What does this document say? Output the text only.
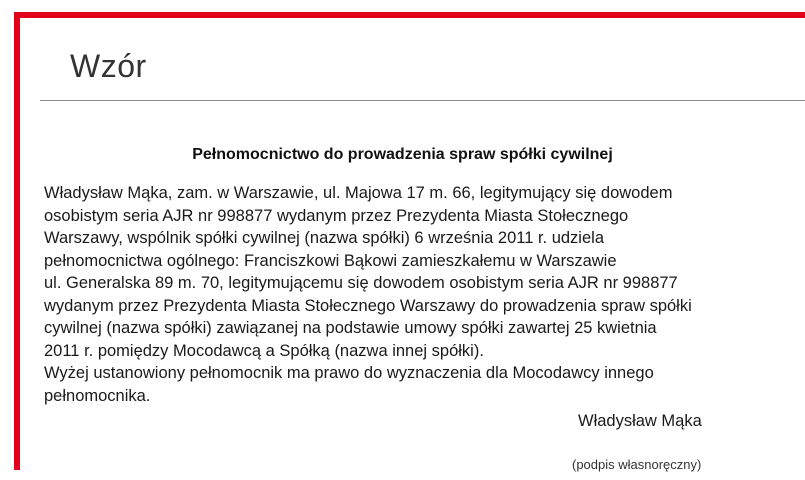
Wzór
Pełnomocnictwo do prowadzenia spraw spółki cywilnej
Władysław Mąka, zam. w Warszawie, ul. Majowa 17 m. 66, legitymujący się dowodem
osobistym seria AJR nr 998877 wydanym przez Prezydenta Miasta Stołecznego
Warszawy, wspólnik spółki cywilnej (nazwa spółki) 6 września 2011 r. udziela
pełnomocnictwa ogólnego: Franciszkowi Bąkowi zamieszkałemu w Warszawie
ul. Generalska 89 m. 70, legitymującemu się dowodem osobistym seria AJR nr 998877
wydanym przez Prezydenta Miasta Stołecznego Warszawy do prowadzenia spraw spółki
cywilnej (nazwa spółki) zawiązanej na podstawie umowy spółki zawartej 25 kwietnia
2011 r. pomiędzy Mocodawcą a Spółką (nazwa innej spółki).
Wyżej ustanowiony pełnomocnik ma prawo do wyznaczenia dla Mocodawcy innego
pełnomocnika.
Władysław Mąka
(podpis własnoręczny)
